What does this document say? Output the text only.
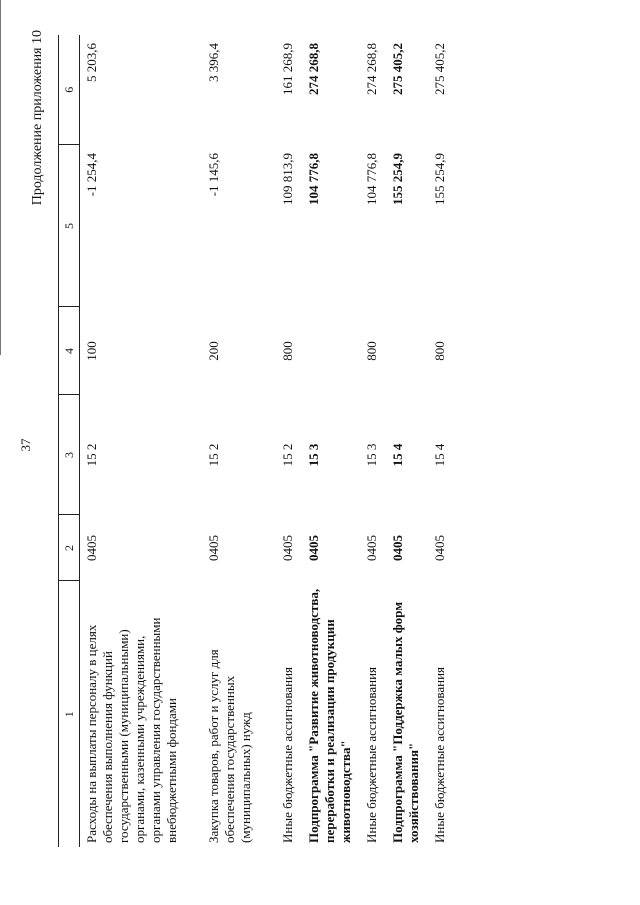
37
Продолжение приложения 10
1	2	3	4	5	6
Расходы на выплаты персоналу в целях обеспечения выполнения функций государственными (муниципальными) органами, казенными учреждениями, органами управления государственными внебюджетными фондами	0405	15 2	100	-1 254,4	5 203,6
Закупка товаров, работ и услуг для обеспечения государственных (муниципальных) нужд	0405	15 2	200	-1 145,6	3 396,4
Иные бюджетные ассигнования	0405	15 2	800	109 813,9	161 268,9
Подпрограмма "Развитие животноводства, переработки и реализации продукции животноводства"	0405	15 3		104 776,8	274 268,8
Иные бюджетные ассигнования	0405	15 3	800	104 776,8	274 268,8
Подпрограмма "Поддержка малых форм хозяйствования"	0405	15 4		155 254,9	275 405,2
Иные бюджетные ассигнования	0405	15 4	800	155 254,9	275 405,2
